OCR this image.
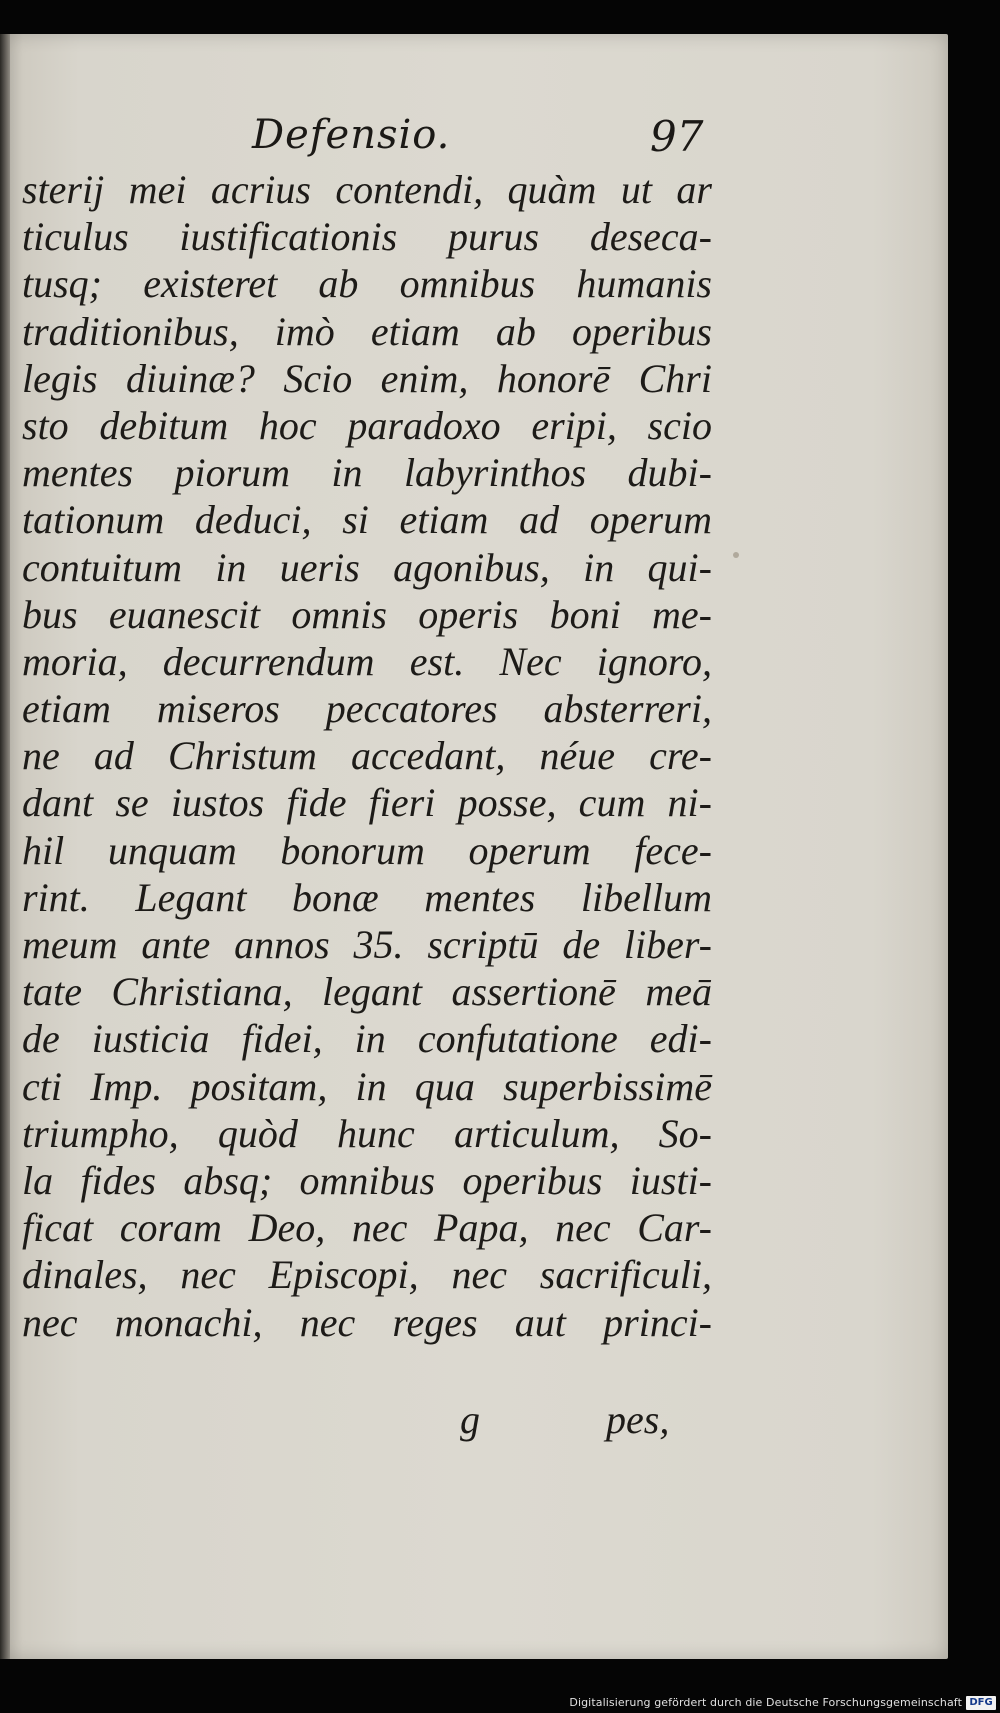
Defensio.	97
sterij mei acrius contendi, quàm ut ar
ticulus iustificationis purus deseca-
tusq; existeret ab omnibus humanis
traditionibus, imò etiam ab operibus
legis diuinæ? Scio enim, honorē Chri
sto debitum hoc paradoxo eripi, scio
mentes piorum in labyrinthos dubi-
tationum deduci, si etiam ad operum
contuitum in ueris agonibus, in qui-
bus euanescit omnis operis boni me-
moria, decurrendum est. Nec ignoro,
etiam miseros peccatores absterreri,
ne ad Christum accedant, néue cre-
dant se iustos fide fieri posse, cum ni-
hil unquam bonorum operum fece-
rint. Legant bonæ mentes libellum
meum ante annos 35. scriptū de liber-
tate Christiana, legant assertionē meā
de iusticia fidei, in confutatione edi-
cti Imp. positam, in qua superbissimē
triumpho, quòd hunc articulum, So-
la fides absq; omnibus operibus iusti-
ficat coram Deo, nec Papa, nec Car-
dinales, nec Episcopi, nec sacrificuli,
nec monachi, nec reges aut princi-
g	pes,
Digitalisierung gefördert durch die Deutsche Forschungsgemeinschaft DFG
